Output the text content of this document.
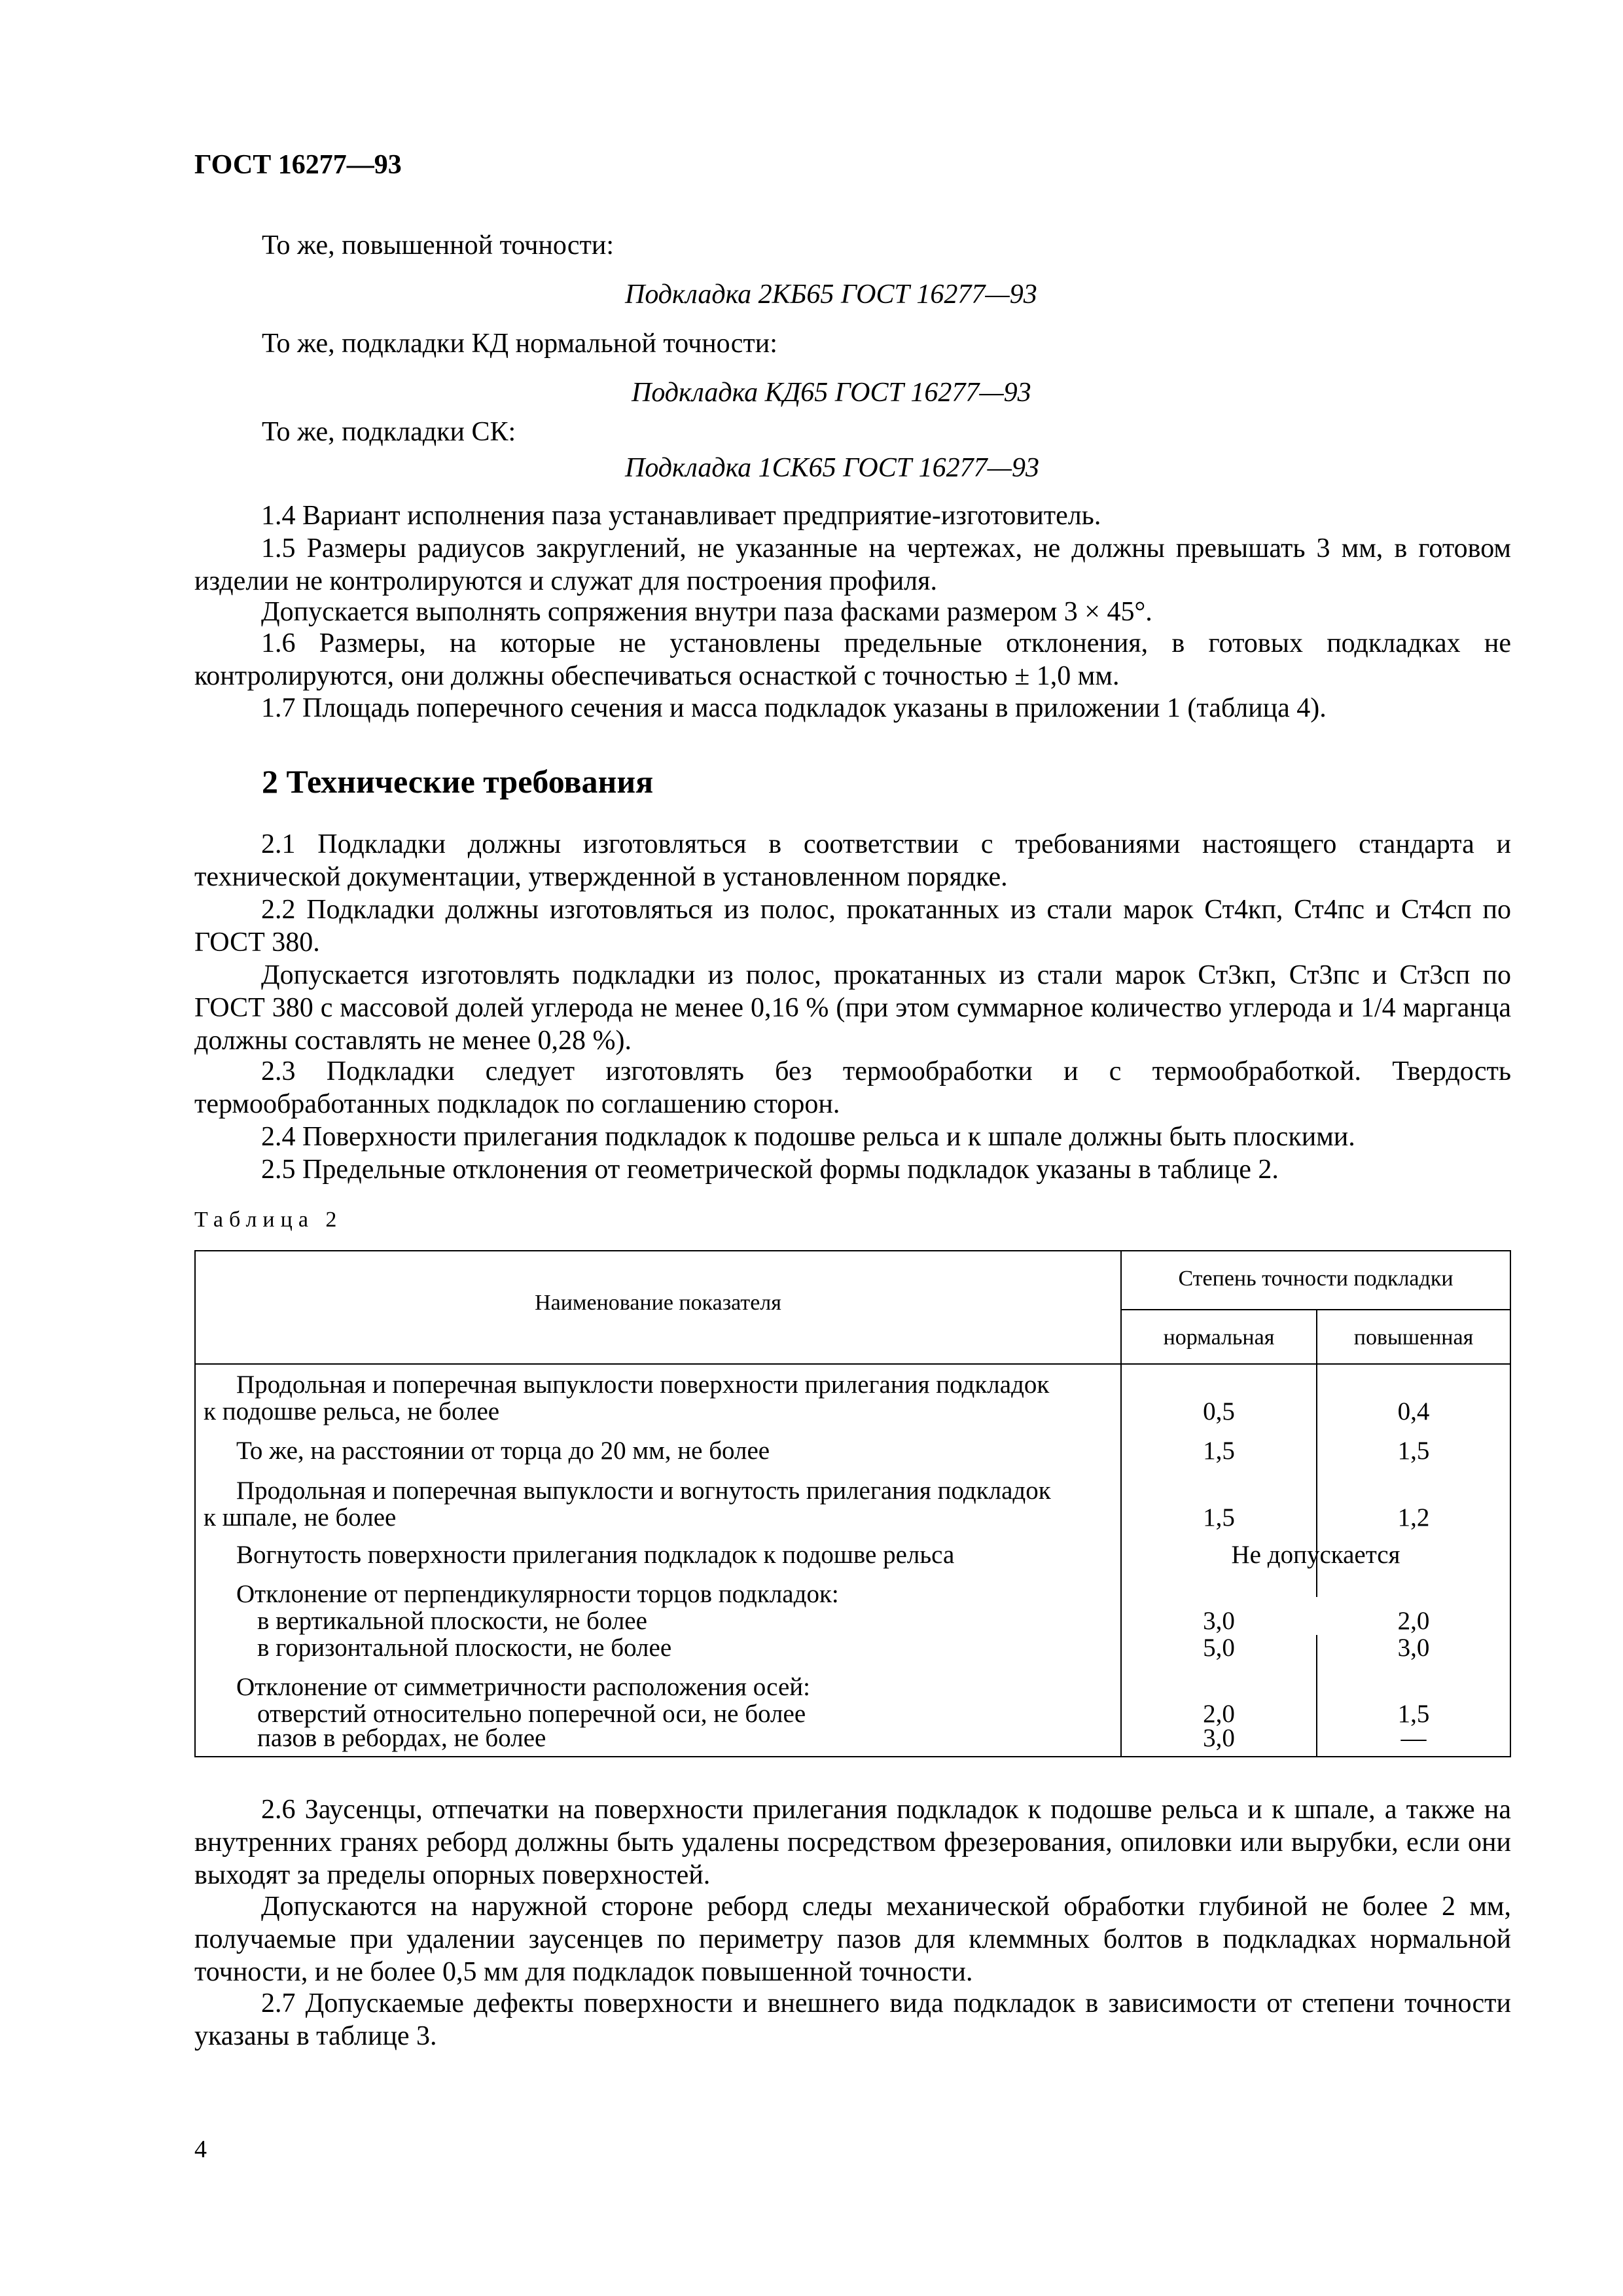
ГОСТ 16277—93
То же, повышенной точности:
Подкладка 2КБ65 ГОСТ 16277—93
То же, подкладки КД нормальной точности:
Подкладка КД65 ГОСТ 16277—93
То же, подкладки СК:
Подкладка 1СК65 ГОСТ 16277—93
1.4 Вариант исполнения паза устанавливает предприятие-изготовитель.
1.5 Размеры радиусов закруглений, не указанные на чертежах, не должны превышать 3 мм, в готовом изделии не контролируются и служат для построения профиля.
Допускается выполнять сопряжения внутри паза фасками размером 3 × 45°.
1.6 Размеры, на которые не установлены предельные отклонения, в готовых подкладках не контролируются, они должны обеспечиваться оснасткой с точностью ± 1,0 мм.
1.7 Площадь поперечного сечения и масса подкладок указаны в приложении 1 (таблица 4).
2 Технические требования
2.1 Подкладки должны изготовляться в соответствии с требованиями настоящего стандарта и технической документации, утвержденной в установленном порядке.
2.2 Подкладки должны изготовляться из полос, прокатанных из стали марок Ст4кп, Ст4пс и Ст4сп по ГОСТ 380.
Допускается изготовлять подкладки из полос, прокатанных из стали марок Ст3кп, Ст3пс и Ст3сп по ГОСТ 380 с массовой долей углерода не менее 0,16 % (при этом суммарное количество углерода и 1/4 марганца должны составлять не менее 0,28 %).
2.3 Подкладки следует изготовлять без термообработки и с термообработкой. Твердость термообработанных подкладок по соглашению сторон.
2.4 Поверхности прилегания подкладок к подошве рельса и к шпале должны быть плоскими.
2.5 Предельные отклонения от геометрической формы подкладок указаны в таблице 2.
Таблица 2
Наименование показателя
Степень точности подкладки
нормальная	повышенная
Продольная и поперечная выпуклости поверхности прилегания подкладок
к подошве рельса, не более	0,5	0,4
То же, на расстоянии от торца до 20 мм, не более	1,5	1,5
Продольная и поперечная выпуклости и вогнутость прилегания подкладок
к шпале, не более	1,5	1,2
Вогнутость поверхности прилегания подкладок к подошве рельса	Не допускается
Отклонение от перпендикулярности торцов подкладок:
в вертикальной плоскости, не более	3,0	2,0
в горизонтальной плоскости, не более	5,0	3,0
Отклонение от симметричности расположения осей:
отверстий относительно поперечной оси, не более	2,0	1,5
пазов в ребордах, не более	3,0	—
2.6 Заусенцы, отпечатки на поверхности прилегания подкладок к подошве рельса и к шпале, а также на внутренних гранях реборд должны быть удалены посредством фрезерования, опиловки или вырубки, если они выходят за пределы опорных поверхностей.
Допускаются на наружной стороне реборд следы механической обработки глубиной не более 2 мм, получаемые при удалении заусенцев по периметру пазов для клеммных болтов в подкладках нормальной точности, и не более 0,5 мм для подкладок повышенной точности.
2.7 Допускаемые дефекты поверхности и внешнего вида подкладок в зависимости от степени точности указаны в таблице 3.
4
